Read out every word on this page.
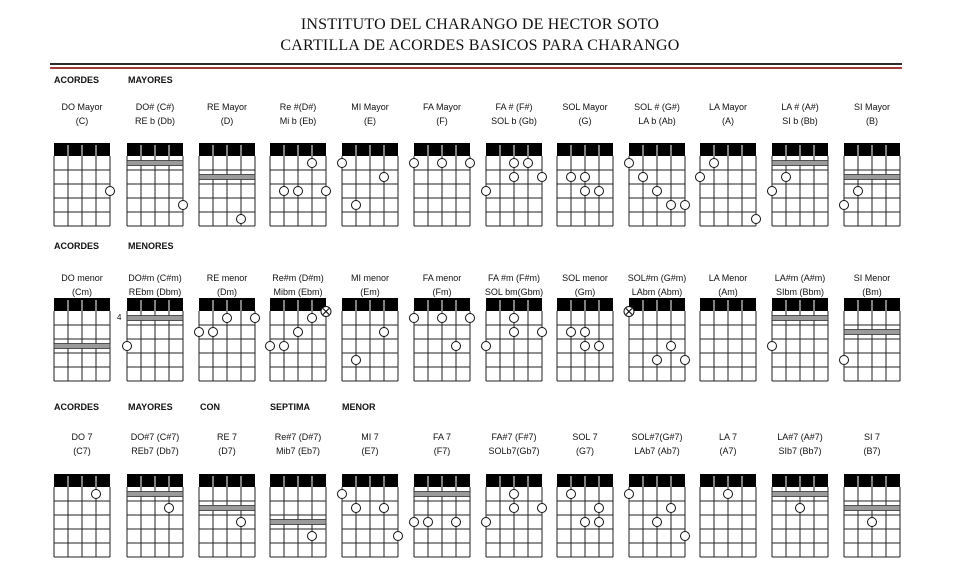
INSTITUTO DEL CHARANGO DE HECTOR SOTO
CARTILLA DE ACORDES BASICOS PARA CHARANGO
ACORDES	MAYORES
DO Mayor
(C)
DO# (C#)
RE b (Db)
RE Mayor
(D)
Re #(D#)
Mi b (Eb)
MI Mayor
(E)
FA Mayor
(F)
FA # (F#)
SOL b (Gb)
SOL Mayor
(G)
SOL # (G#)
LA b (Ab)
LA Mayor
(A)
LA # (A#)
SI b (Bb)
SI Mayor
(B)
ACORDES	MENORES
DO menor
(Cm)
DO#m (C#m)
REbm (Dbm)
4
RE menor
(Dm)
Re#m (D#m)
Mibm (Ebm)
MI menor
(Em)
FA menor
(Fm)
FA #m (F#m)
SOL bm(Gbm)
SOL menor
(Gm)
SOL#m (G#m)
LAbm (Abm)
LA Menor
(Am)
LA#m (A#m)
SIbm (Bbm)
SI Menor
(Bm)
ACORDES	MAYORES	CON	SEPTIMA	MENOR
DO 7
(C7)
DO#7 (C#7)
REb7 (Db7)
RE 7
(D7)
Re#7 (D#7)
Mib7 (Eb7)
MI 7
(E7)
FA 7
(F7)
FA#7 (F#7)
SOLb7(Gb7)
SOL 7
(G7)
SOL#7(G#7)
LAb7 (Ab7)
LA 7
(A7)
LA#7 (A#7)
SIb7 (Bb7)
SI 7
(B7)
